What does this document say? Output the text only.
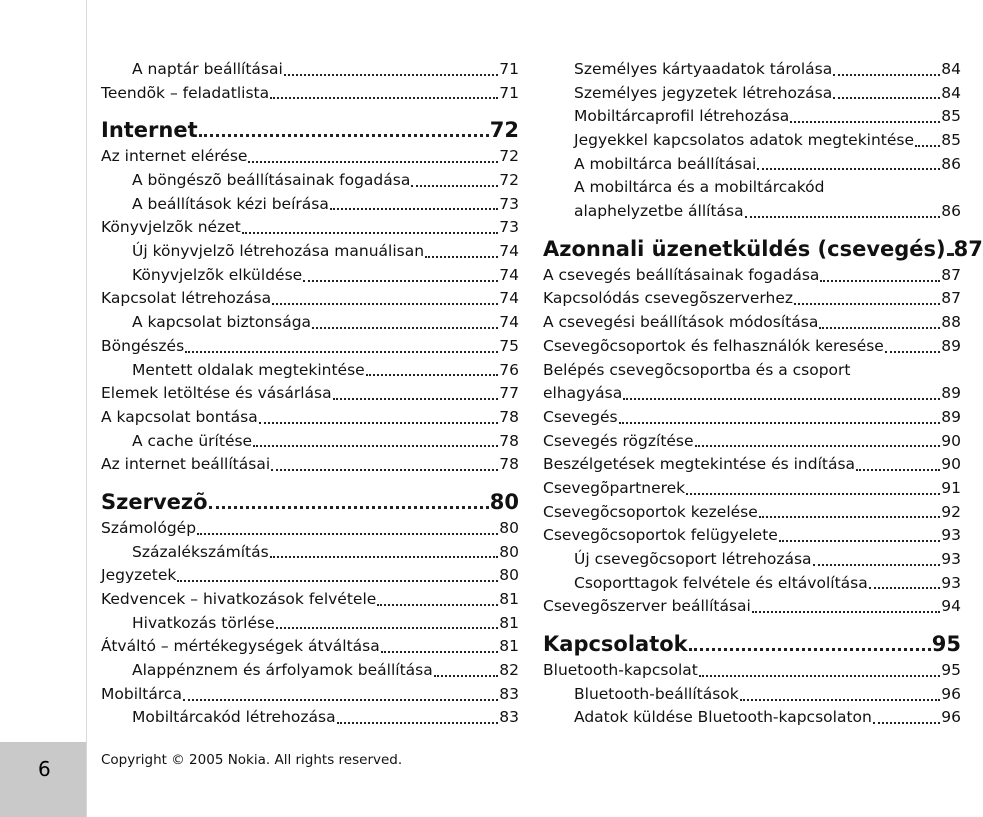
6
A naptár beállításai	71
Teendõk – feladatlista	71
Internet	72
Az internet elérése	72
A böngészõ beállításainak fogadása	72
A beállítások kézi beírása	73
Könyvjelzõk nézet	73
Új könyvjelzõ létrehozása manuálisan	74
Könyvjelzõk elküldése	74
Kapcsolat létrehozása	74
A kapcsolat biztonsága	74
Böngészés	75
Mentett oldalak megtekintése	76
Elemek letöltése és vásárlása	77
A kapcsolat bontása	78
A cache ürítése	78
Az internet beállításai	78
Szervezõ	80
Számológép	80
Százalékszámítás	80
Jegyzetek	80
Kedvencek – hivatkozások felvétele	81
Hivatkozás törlése	81
Átváltó – mértékegységek átváltása	81
Alappénznem és árfolyamok beállítása	82
Mobiltárca	83
Mobiltárcakód létrehozása	83
Személyes kártyaadatok tárolása	84
Személyes jegyzetek létrehozása	84
Mobiltárcaprofil létrehozása	85
Jegyekkel kapcsolatos adatok megtekintése 85
A mobiltárca beállításai	86
A mobiltárca és a mobiltárcakód
alaphelyzetbe állítása	86
Azonnali üzenetküldés (csevegés) 87
A csevegés beállításainak fogadása	87
Kapcsolódás csevegõszerverhez	87
A csevegési beállítások módosítása	88
Csevegõcsoportok és felhasználók keresése	89
Belépés csevegõcsoportba és a csoport
elhagyása	89
Csevegés	89
Csevegés rögzítése	90
Beszélgetések megtekintése és indítása	90
Csevegõpartnerek	91
Csevegõcsoportok kezelése	92
Csevegõcsoportok felügyelete	93
Új csevegõcsoport létrehozása	93
Csoporttagok felvétele és eltávolítása	93
Csevegõszerver beállításai	94
Kapcsolatok	95
Bluetooth-kapcsolat	95
Bluetooth-beállítások	96
Adatok küldése Bluetooth-kapcsolaton	96
Copyright © 2005 Nokia. All rights reserved.
